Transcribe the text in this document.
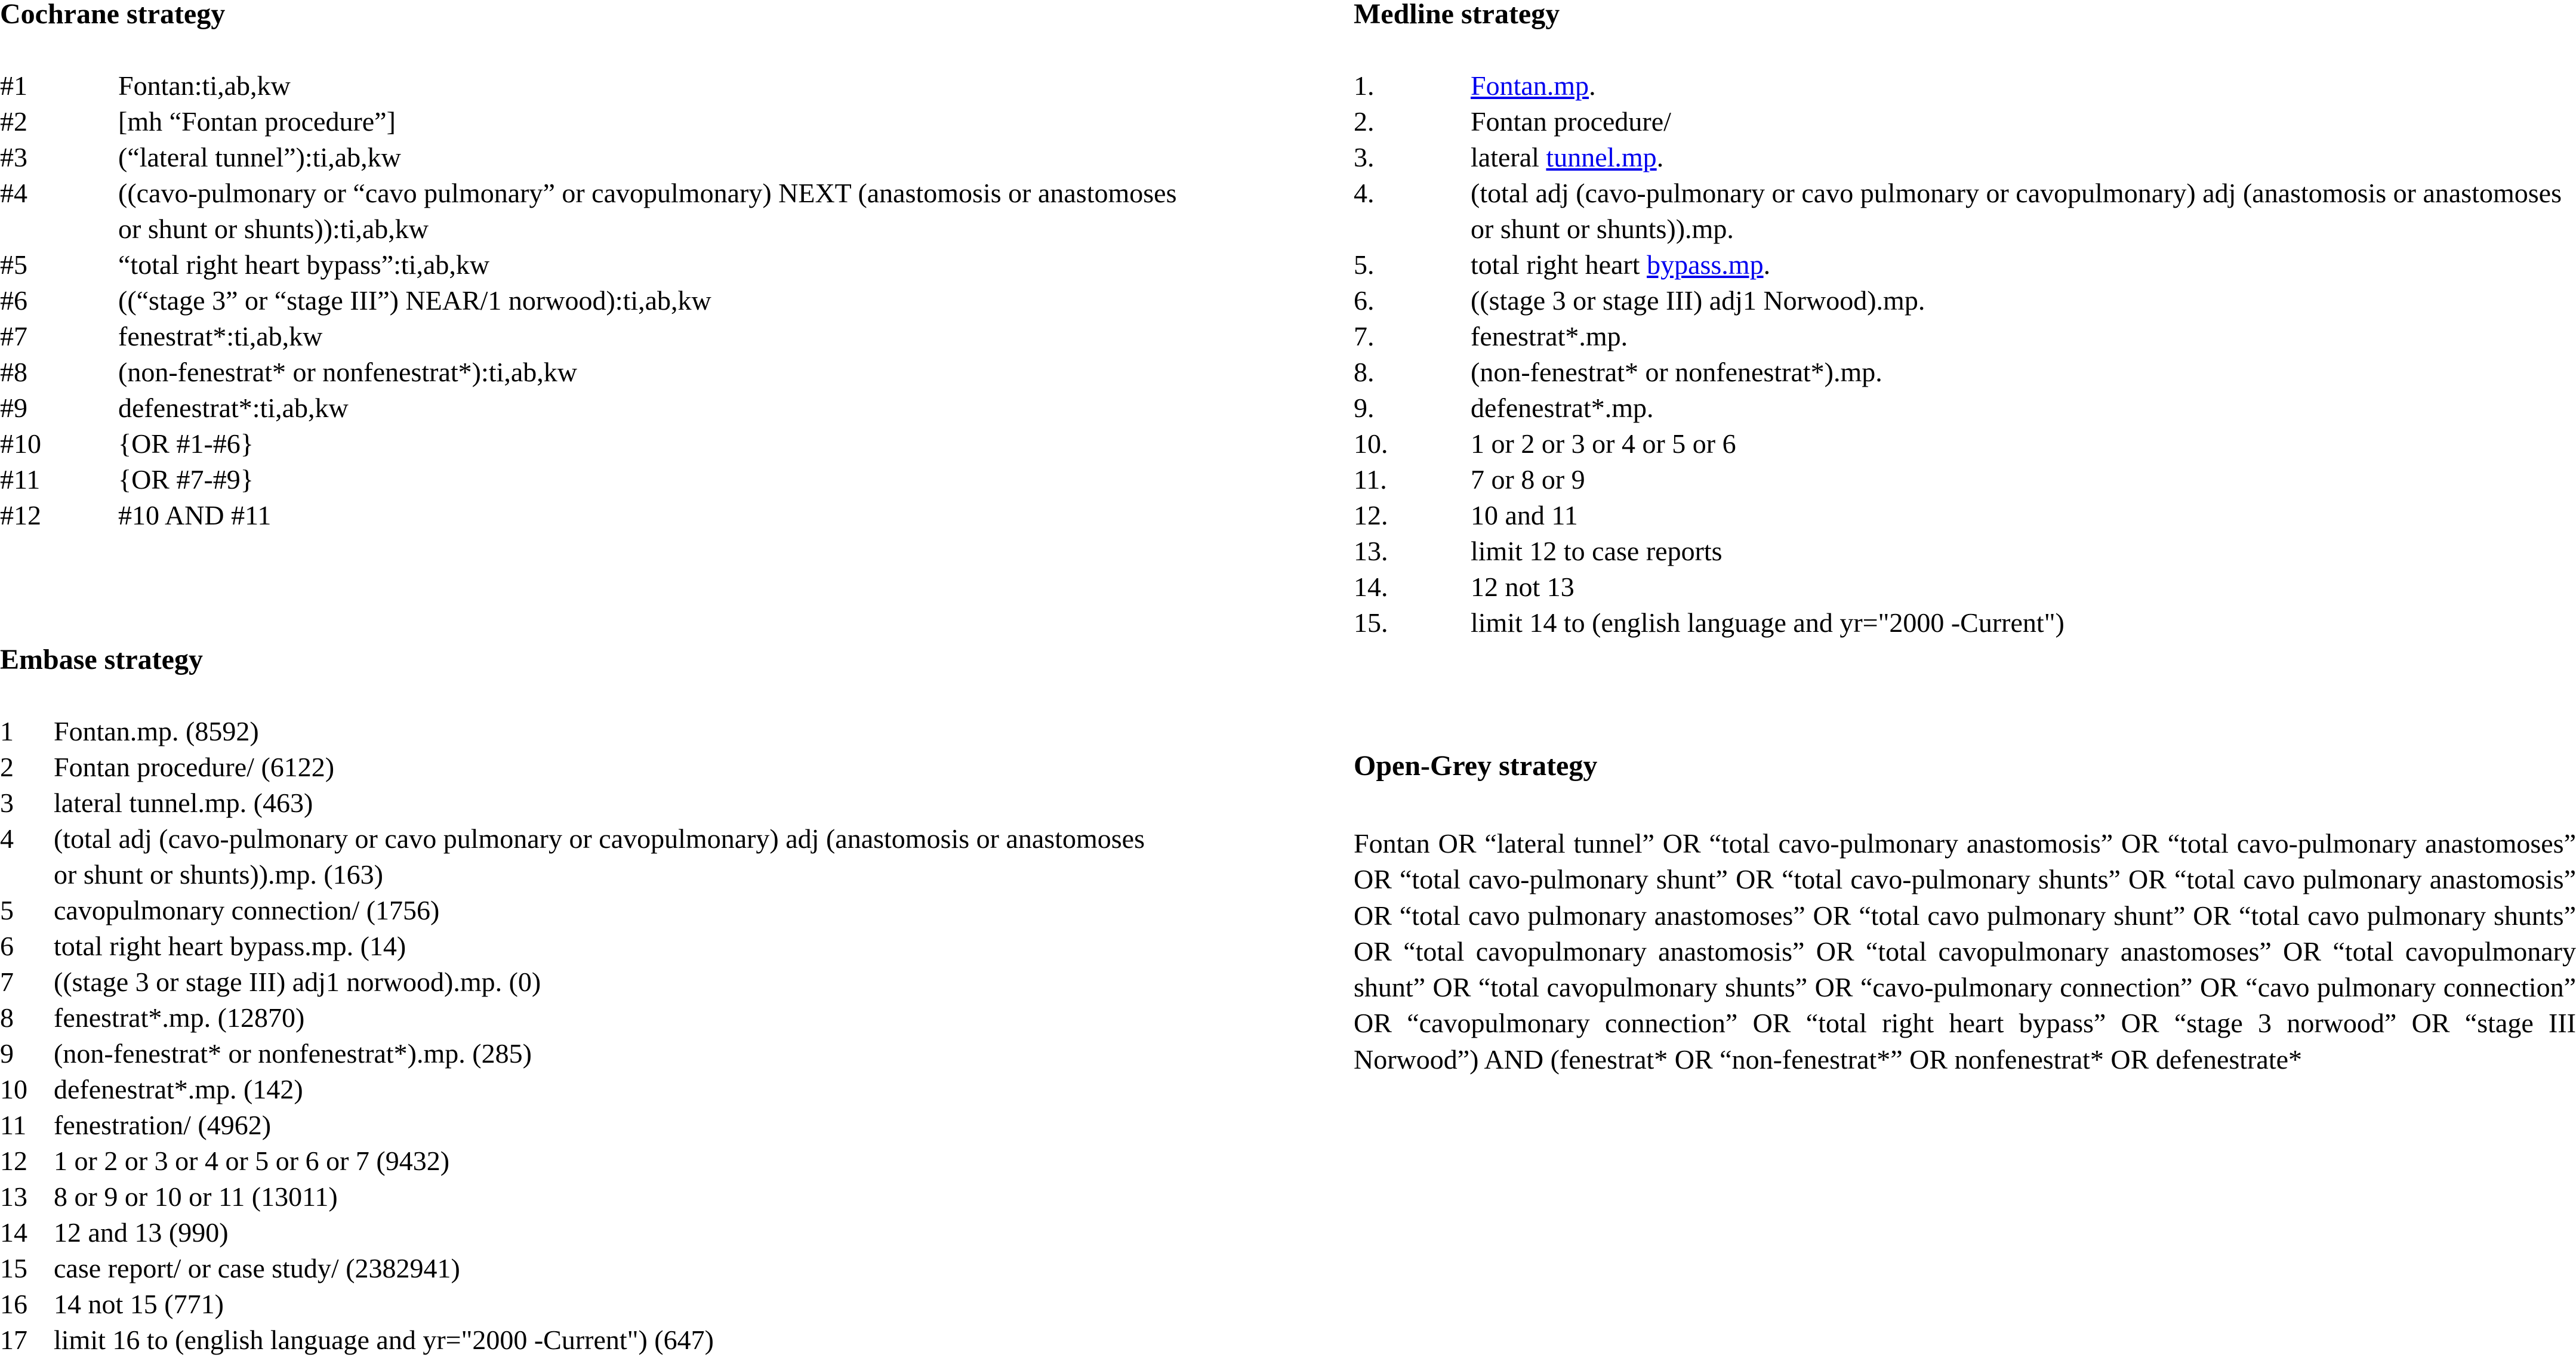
Cochrane strategy
#1	Fontan:ti,ab,kw
#2	[mh “Fontan procedure”]
#3	(“lateral tunnel”):ti,ab,kw
#4	((cavo-pulmonary or “cavo pulmonary” or cavopulmonary) NEXT (anastomosis or anastomoses or shunt or shunts)):ti,ab,kw
#5	“total right heart bypass”:ti,ab,kw
#6	((“stage 3” or “stage III”) NEAR/1 norwood):ti,ab,kw
#7	fenestrat*:ti,ab,kw
#8	(non-fenestrat* or nonfenestrat*):ti,ab,kw
#9	defenestrat*:ti,ab,kw
#10	{OR #1-#6}
#11	{OR #7-#9}
#12	#10 AND #11
Embase strategy
1	Fontan.mp. (8592)
2	Fontan procedure/ (6122)
3	lateral tunnel.mp. (463)
4	(total adj (cavo-pulmonary or cavo pulmonary or cavopulmonary) adj (anastomosis or anastomoses or shunt or shunts)).mp. (163)
5	cavopulmonary connection/ (1756)
6	total right heart bypass.mp. (14)
7	((stage 3 or stage III) adj1 norwood).mp. (0)
8	fenestrat*.mp. (12870)
9	(non-fenestrat* or nonfenestrat*).mp. (285)
10 defenestrat*.mp. (142)
11 fenestration/ (4962)
12 1 or 2 or 3 or 4 or 5 or 6 or 7 (9432)
13 8 or 9 or 10 or 11 (13011)
14 12 and 13 (990)
15 case report/ or case study/ (2382941)
16 14 not 15 (771)
17 limit 16 to (english language and yr="2000 -Current") (647)
Medline strategy
1.	Fontan.mp.
2.	Fontan procedure/
3.	lateral tunnel.mp.
4.	(total adj (cavo-pulmonary or cavo pulmonary or cavopulmonary) adj (anastomosis or anastomoses or shunt or shunts)).mp.
5.	total right heart bypass.mp.
6.	((stage 3 or stage III) adj1 Norwood).mp.
7.	fenestrat*.mp.
8.	(non-fenestrat* or nonfenestrat*).mp.
9.	defenestrat*.mp.
10.	1 or 2 or 3 or 4 or 5 or 6
11.	7 or 8 or 9
12.	10 and 11
13.	limit 12 to case reports
14.	12 not 13
15.	limit 14 to (english language and yr="2000 -Current")
Open-Grey strategy

Fontan OR “lateral tunnel” OR “total cavo-pulmonary anastomosis” OR “total cavo-pulmonary anastomoses” OR “total cavo-pulmonary shunt” OR “total cavo-pulmonary shunts” OR “total cavo pulmonary anastomosis” OR “total cavo pulmonary anastomoses” OR “total cavo pulmonary shunt” OR “total cavo pulmonary shunts” OR “total cavopulmonary anastomosis” OR “total cavopulmonary anastomoses” OR “total cavopulmonary shunt” OR “total cavopulmonary shunts” OR “cavo-pulmonary connection” OR “cavo pulmonary connection” OR “cavopulmonary connection” OR “total right heart bypass” OR “stage 3 norwood” OR “stage III Norwood”) AND (fenestrat* OR “non-fenestrat*” OR nonfenestrat* OR defenestrate*
